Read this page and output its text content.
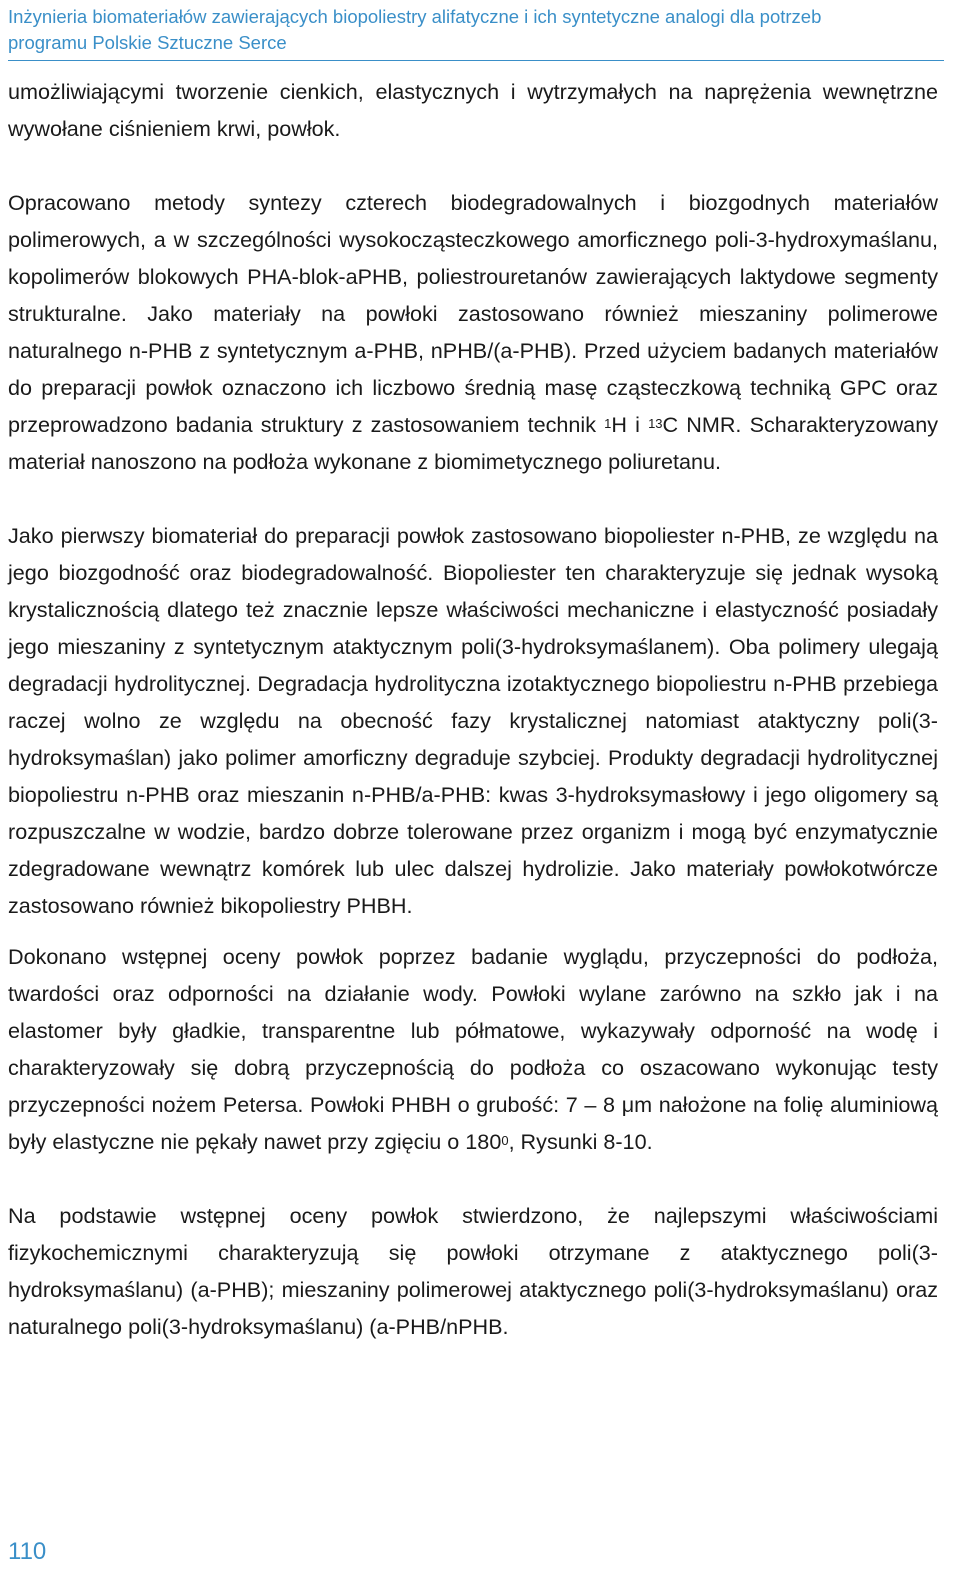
Inżynieria biomateriałów zawierających biopoliestry alifatyczne i ich syntetyczne analogi dla potrzeb
programu Polskie Sztuczne Serce

umożliwiającymi tworzenie cienkich, elastycznych i wytrzymałych na naprężenia wewnętrzne wywołane ciśnieniem krwi, powłok.

Opracowano metody syntezy czterech biodegradowalnych i biozgodnych materiałów polimerowych, a w szczególności wysokocząsteczkowego amorficznego poli-3-hydroxymaślanu, kopolimerów blokowych PHA-blok-aPHB, poliestrouretanów zawierających laktydowe segmenty strukturalne. Jako materiały na powłoki zastosowano również mieszaniny polimerowe naturalnego n-PHB z syntetycznym a-PHB, nPHB/(a-PHB). Przed użyciem badanych materiałów do preparacji powłok oznaczono ich liczbowo średnią masę cząsteczkową techniką GPC oraz przeprowadzono badania struktury z zastosowaniem technik $^1$H i $^{13}$C NMR. Scharakteryzowany materiał nanoszono na podłoża wykonane z biomimetycznego poliuretanu.

Jako pierwszy biomateriał do preparacji powłok zastosowano biopoliester n-PHB, ze względu na jego biozgodność oraz biodegradowalność. Biopoliester ten charakteryzuje się jednak wysoką krystalicznością dlatego też znacznie lepsze właściwości mechaniczne i elastyczność posiadały jego mieszaniny z syntetycznym ataktycznym poli(3-hydroksymaślanem). Oba polimery ulegają degradacji hydrolitycznej. Degradacja hydrolityczna izotaktycznego biopoliestru n-PHB przebiega raczej wolno ze względu na obecność fazy krystalicznej natomiast ataktyczny poli(3-hydroksymaślan) jako polimer amorficzny degraduje szybciej. Produkty degradacji hydrolitycznej biopoliestru n-PHB oraz mieszanin n-PHB/a-PHB: kwas 3-hydroksymasłowy i jego oligomery są rozpuszczalne w wodzie, bardzo dobrze tolerowane przez organizm i mogą być enzymatycznie zdegradowane wewnątrz komórek lub ulec dalszej hydrolizie. Jako materiały powłokotwórcze zastosowano również bikopoliestry PHBH.

Dokonano wstępnej oceny powłok poprzez badanie wyglądu, przyczepności do podłoża, twardości oraz odporności na działanie wody. Powłoki wylane zarówno na szkło jak i na elastomer były gładkie, transparentne lub półmatowe, wykazywały odporność na wodę i charakteryzowały się dobrą przyczepnością do podłoża co oszacowano wykonując testy przyczepności nożem Petersa. Powłoki PHBH o grubość: 7 – 8 μm nałożone na folię aluminiową były elastyczne nie pękały nawet przy zgięciu o $180^0$, Rysunki 8-10.

Na podstawie wstępnej oceny powłok stwierdzono, że najlepszymi właściwościami fizykochemicznymi charakteryzują się powłoki otrzymane z ataktycznego poli(3-hydroksymaślanu) (a-PHB); mieszaniny polimerowej ataktycznego poli(3-hydroksymaślanu) oraz naturalnego poli(3-hydroksymaślanu) (a-PHB/nPHB.

110
